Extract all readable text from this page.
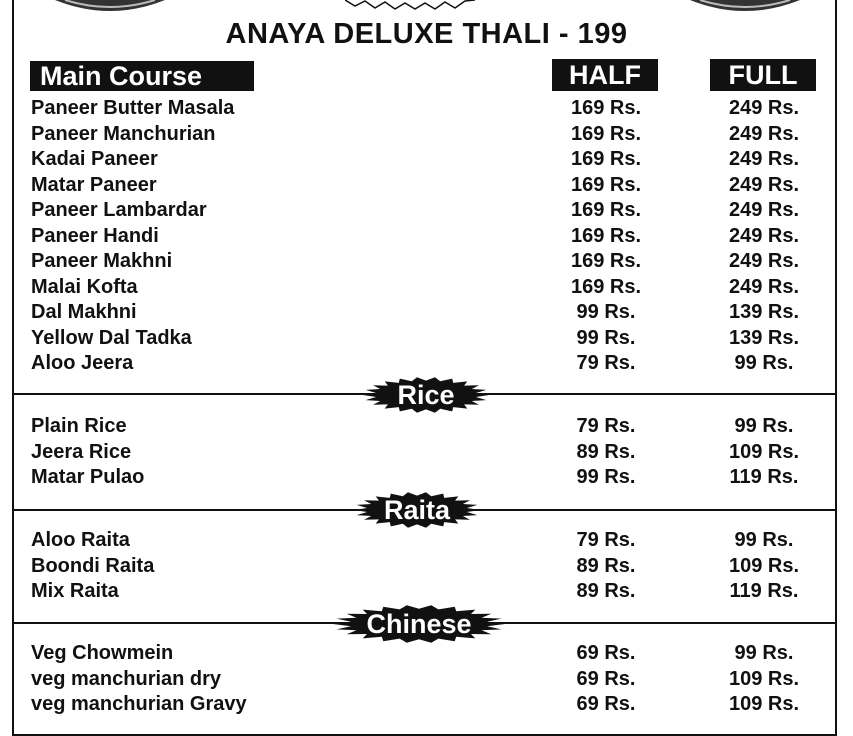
ANAYA DELUXE THALI - 199
Main Course	HALF	FULL
Paneer Butter Masala	169 Rs.	249 Rs.
Paneer Manchurian	169 Rs.	249 Rs.
Kadai Paneer	169 Rs.	249 Rs.
Matar Paneer	169 Rs.	249 Rs.
Paneer Lambardar	169 Rs.	249 Rs.
Paneer Handi	169 Rs.	249 Rs.
Paneer Makhni	169 Rs.	249 Rs.
Malai Kofta	169 Rs.	249 Rs.
Dal Makhni	99 Rs.	139 Rs.
Yellow Dal Tadka	99 Rs.	139 Rs.
Aloo Jeera	79 Rs.	99 Rs.
Plain Rice	79 Rs.	99 Rs.
Jeera Rice	89 Rs.	109 Rs.
Matar Pulao	99 Rs.	119 Rs.
Aloo Raita	79 Rs.	99 Rs.
Boondi Raita	89 Rs.	109 Rs.
Mix Raita	89 Rs.	119 Rs.
Veg Chowmein	69 Rs.	99 Rs.
veg manchurian dry	69 Rs.	109 Rs.
veg manchurian Gravy	69 Rs.	109 Rs.
Rice
Raita
Chinese
